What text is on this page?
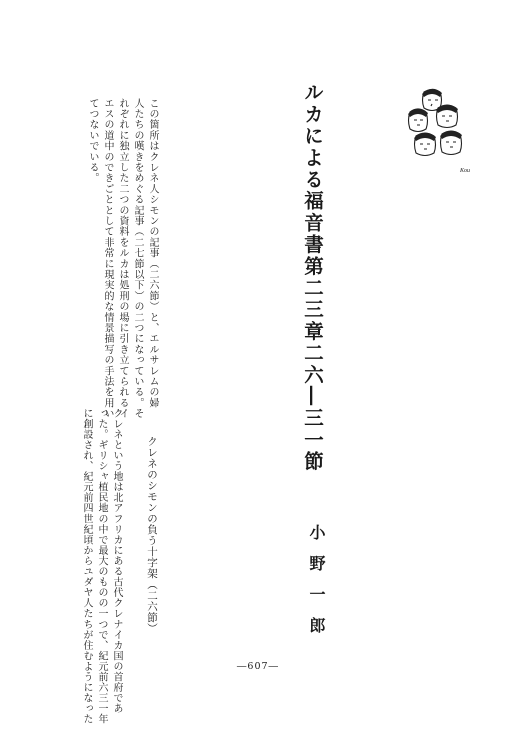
ルカによる福音書第二三章二六―三一節	Kou
この箇所はクレネ人シモンの記事（二六節）と、エルサレムの婦
人たちの嘆きをめぐる記事（二七節以下）の二つになっている。そ
れぞれに独立した二つの資料をルカは処刑の場に引き立てられるイ
エスの道中のできごととして非常に現実的な情景描写の手法を用い
てつないでいる。
クレネのシモンの負う十字架（二六節）	小野一郎
クレネという地は北アフリカにある古代クレナイカ国の首府であ
った。ギリシャ植民地の中で最大のものの一つで、紀元前六三一年
に創設され、紀元前四世紀頃からユダヤ人たちが住むようになった	―607―
